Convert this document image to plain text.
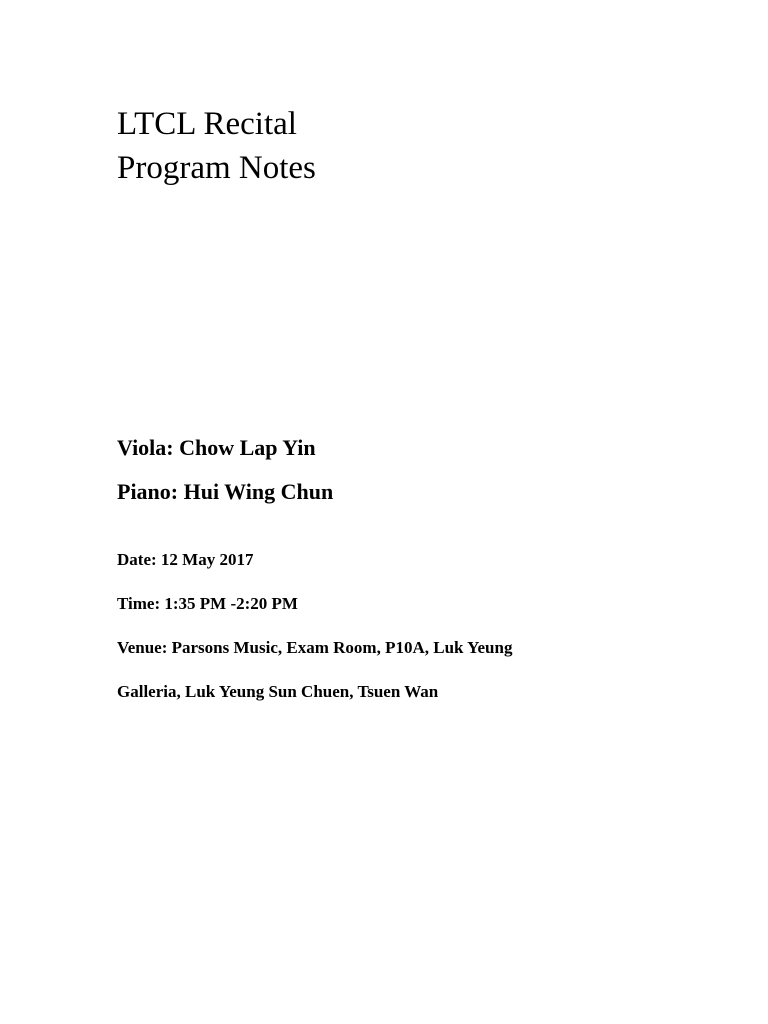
LTCL Recital
Program Notes
Viola: Chow Lap Yin
Piano: Hui Wing Chun
Date: 12 May 2017
Time: 1:35 PM -2:20 PM
Venue: Parsons Music, Exam Room, P10A, Luk Yeung
Galleria, Luk Yeung Sun Chuen, Tsuen Wan
